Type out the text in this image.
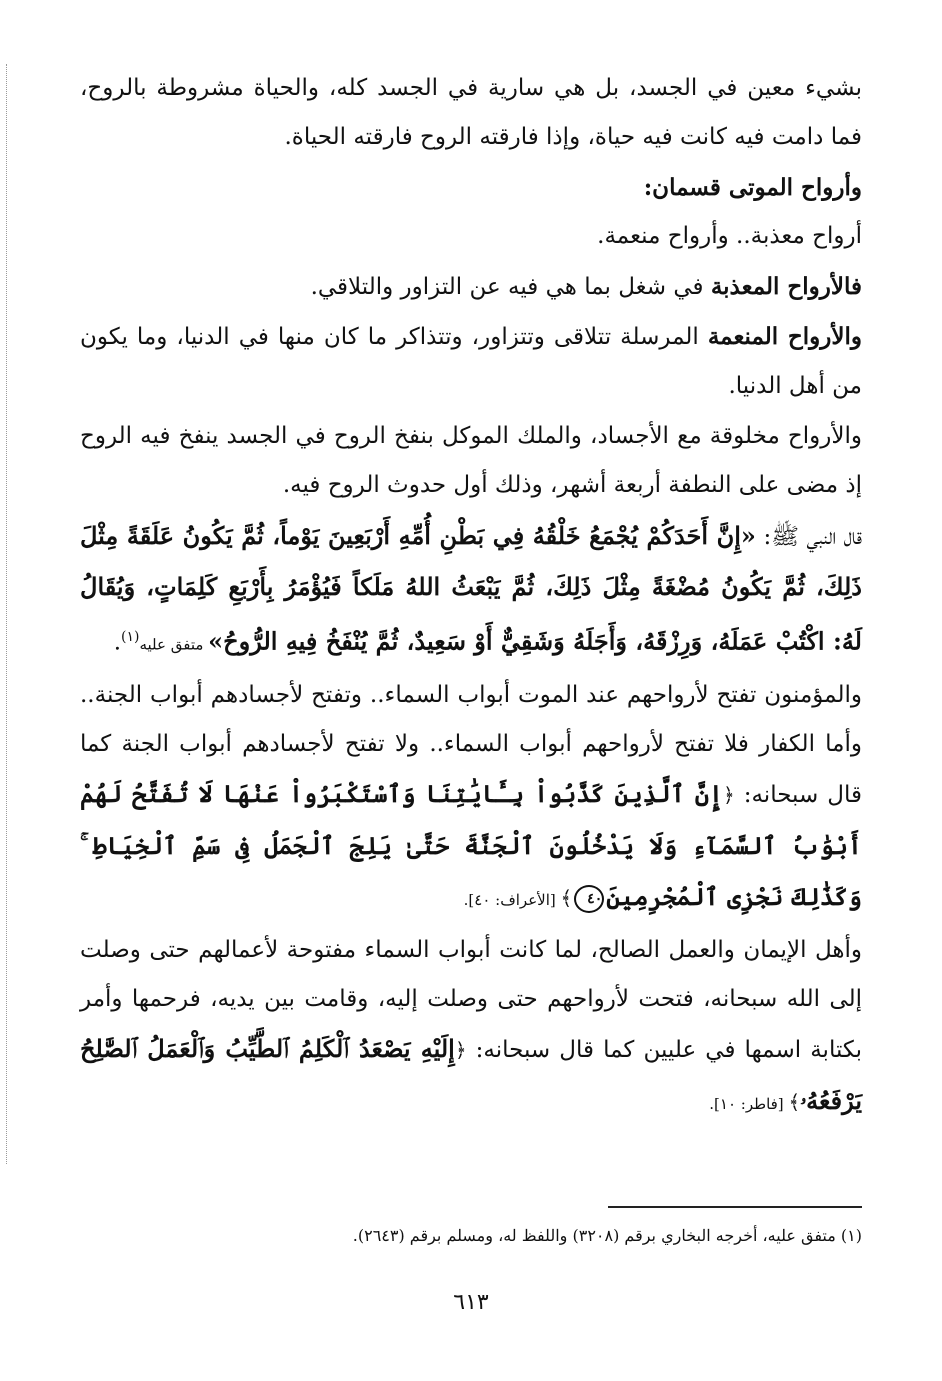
بشيء معين في الجسد، بل هي سارية في الجسد كله، والحياة مشروطة بالروح، فما دامت فيه كانت فيه حياة، وإذا فارقته الروح فارقته الحياة.

وأرواح الموتى قسمان:

أرواح معذبة.. وأرواح منعمة.

فالأرواح المعذبة في شغل بما هي فيه عن التزاور والتلاقي.

والأرواح المنعمة المرسلة تتلاقى وتتزاور، وتتذاكر ما كان منها في الدنيا، وما يكون من أهل الدنيا.

والأرواح مخلوقة مع الأجساد، والملك الموكل بنفخ الروح في الجسد ينفخ فيه الروح إذ مضى على النطفة أربعة أشهر، وذلك أول حدوث الروح فيه.

قال النبي ﷺ: «إِنَّ أَحَدَكُمْ يُجْمَعُ خَلْقُهُ فِي بَطْنِ أُمِّهِ أَرْبَعِينَ يَوْماً، ثُمَّ يَكُونُ عَلَقَةً مِثْلَ ذَلِكَ، ثُمَّ يَكُونُ مُضْغَةً مِثْلَ ذَلِكَ، ثُمَّ يَبْعَثُ اللهُ مَلَكاً فَيُؤْمَرُ بِأَرْبَعِ كَلِمَاتٍ، وَيُقَالُ لَهُ: اكْتُبْ عَمَلَهُ، وَرِزْقَهُ، وَأَجَلَهُ وَشَقِيٌّ أَوْ سَعِيدٌ، ثُمَّ يُنْفَخُ فِيهِ الرُّوحُ» متفق عليه$^{(١)}$.

والمؤمنون تفتح لأرواحهم عند الموت أبواب السماء.. وتفتح لأجسادهم أبواب الجنة.. وأما الكفار فلا تفتح لأرواحهم أبواب السماء.. ولا تفتح لأجسادهم أبواب الجنة كما قال سبحانه: ﴿إِنَّ ٱلَّذِينَ كَذَّبُواْ بِـَٔايَٰتِنَا وَٱسْتَكْبَرُواْ عَنْهَا لَا تُفَتَّحُ لَهُمْ أَبْوَٰبُ ٱلسَّمَآءِ وَلَا يَدْخُلُونَ ٱلْجَنَّةَ حَتَّىٰ يَلِجَ ٱلْجَمَلُ فِى سَمِّ ٱلْخِيَاطِ ۚ وَكَذَٰلِكَ نَجْزِى ٱلْمُجْرِمِينَ٤٠﴾ [الأعراف: ٤٠].

وأهل الإيمان والعمل الصالح، لما كانت أبواب السماء مفتوحة لأعمالهم حتى وصلت إلى الله سبحانه، فتحت لأرواحهم حتى وصلت إليه، وقامت بين يديه، فرحمها وأمر بكتابة اسمها في عليين كما قال سبحانه: ﴿إِلَيْهِ يَصْعَدُ ٱلْكَلِمُ ٱلطَّيِّبُ وَٱلْعَمَلُ ٱلصَّٰلِحُ يَرْفَعُهُۥ﴾ [فاطر: ١٠].

(١) متفق عليه، أخرجه البخاري برقم (٣٢٠٨) واللفظ له، ومسلم برقم (٢٦٤٣).
٦١٣
